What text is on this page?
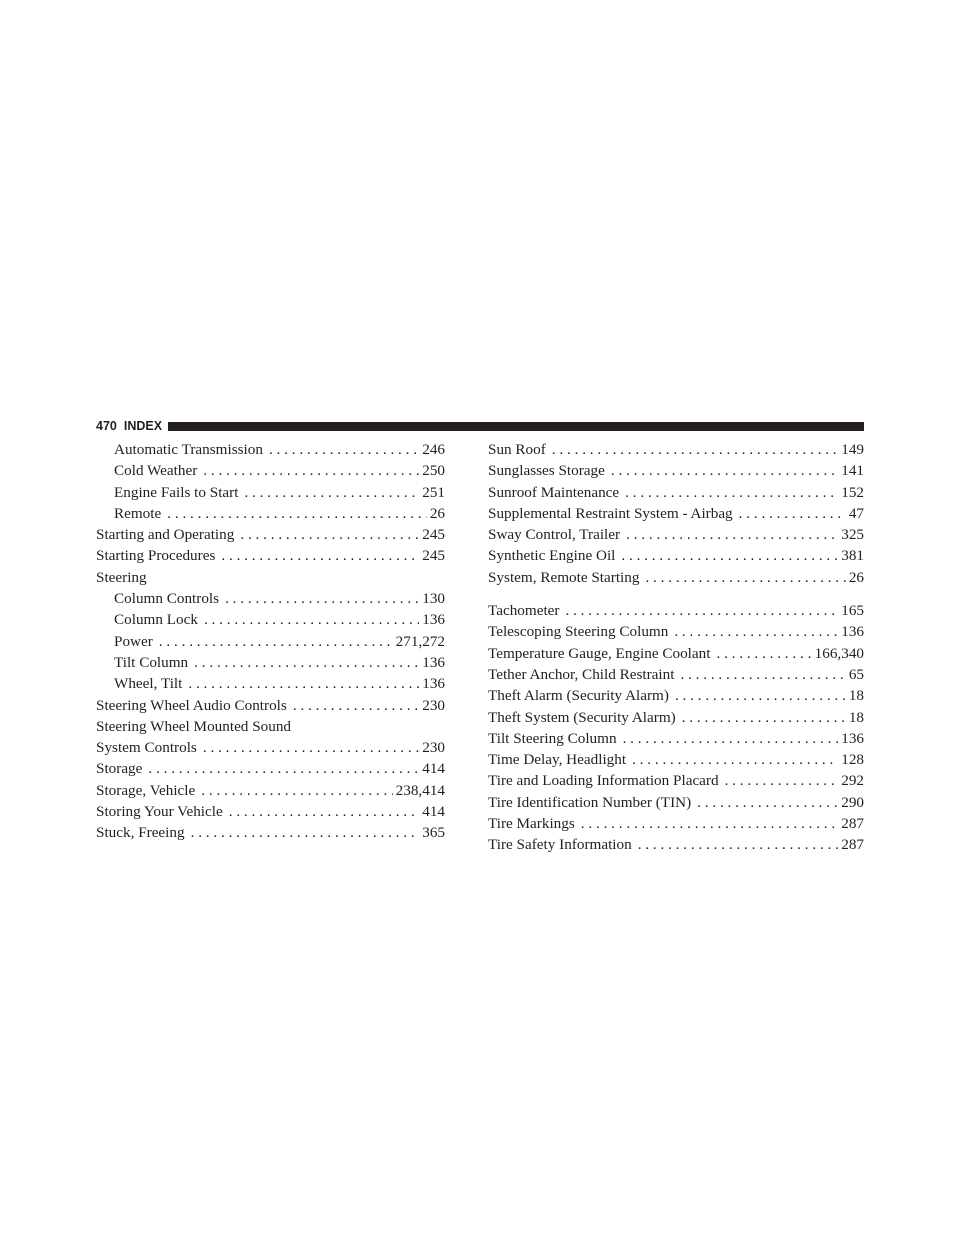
470 INDEX
Automatic Transmission . . .	246
Cold Weather . . .	250
Engine Fails to Start . . .	251
Remote . . .	26
Starting and Operating . . .	245
Starting Procedures . . .	245
Steering
Column Controls . . .	130
Column Lock . . .	136
Power . . .	271,272
Tilt Column . . .	136
Wheel, Tilt . . .	136
Steering Wheel Audio Controls . . .	230
Steering Wheel Mounted Sound
System Controls . . .	230
Storage . . .	414
Storage, Vehicle . . .	238,414
Storing Your Vehicle . . .	414
Stuck, Freeing . . .	365
Sun Roof . . .	149
Sunglasses Storage . . .	141
Sunroof Maintenance . . .	152
Supplemental Restraint System - Airbag . . .	47
Sway Control, Trailer . . .	325
Synthetic Engine Oil . . .	381
System, Remote Starting . . .	26
Tachometer . . .	165
Telescoping Steering Column . . .	136
Temperature Gauge, Engine Coolant . . .	166,340
Tether Anchor, Child Restraint . . .	65
Theft Alarm (Security Alarm) . . .	18
Theft System (Security Alarm) . . .	18
Tilt Steering Column . . .	136
Time Delay, Headlight . . .	128
Tire and Loading Information Placard . . .	292
Tire Identification Number (TIN) . . .	290
Tire Markings . . .	287
Tire Safety Information . . .	287
